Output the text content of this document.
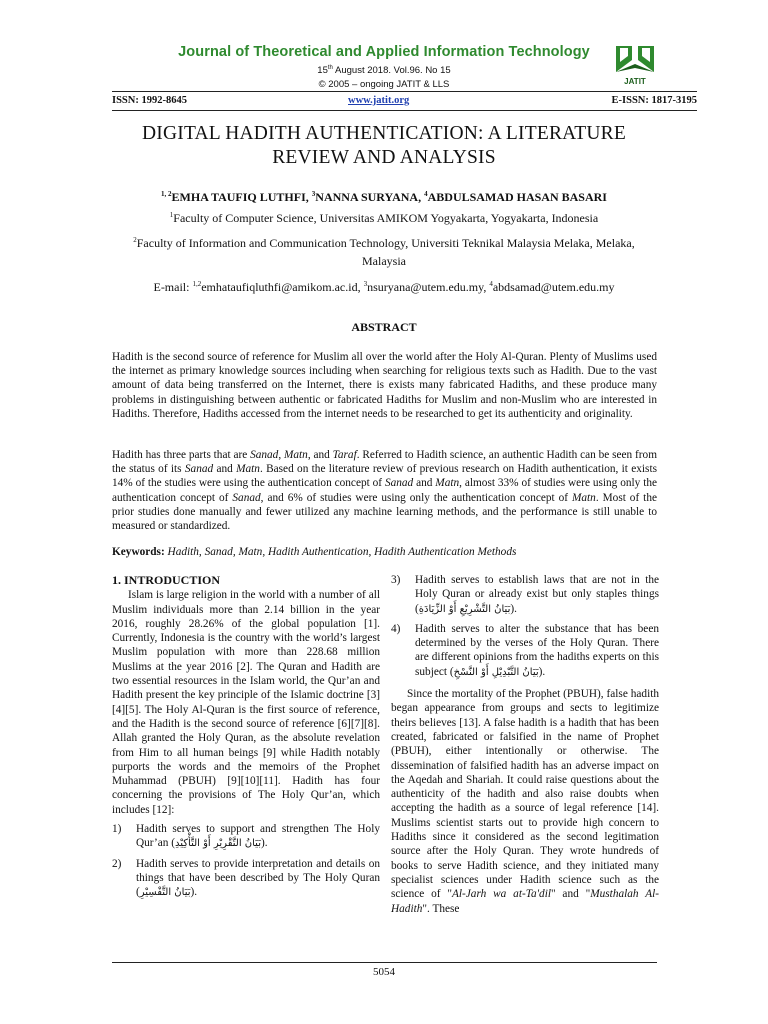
Journal of Theoretical and Applied Information Technology
15th August 2018. Vol.96. No 15
© 2005 – ongoing JATIT & LLS	JATIT
ISSN: 1992-8645	www.jatit.org	E-ISSN: 1817-3195
DIGITAL HADITH AUTHENTICATION: A LITERATURE
REVIEW AND ANALYSIS
$^{1, 2}$EMHA TAUFIQ LUTHFI, $^3$NANNA SURYANA, $^4$ABDULSAMAD HASAN BASARI
$^1$Faculty of Computer Science, Universitas AMIKOM Yogyakarta, Yogyakarta, Indonesia
$^2$Faculty of Information and Communication Technology, Universiti Teknikal Malaysia Melaka, Melaka,
Malaysia
E-mail: $^{1,2}$emhataufiqluthfi@amikom.ac.id, $^3$nsuryana@utem.edu.my, $^4$abdsamad@utem.edu.my
ABSTRACT
Hadith is the second source of reference for Muslim all over the world after the Holy Al-Quran. Plenty of Muslims used the internet as primary knowledge sources including when searching for religious texts such as Hadith. Due to the vast amount of data being transferred on the Internet, there is exists many fabricated Hadiths, and these produce many problems in distinguishing between authentic or fabricated Hadiths for Muslim and non-Muslim who are interested in Hadiths. Therefore, Hadiths accessed from the internet needs to be researched to get its authenticity and originality.
Hadith has three parts that are Sanad, Matn, and Taraf. Referred to Hadith science, an authentic Hadith can be seen from the status of its Sanad and Matn. Based on the literature review of previous research on Hadith authentication, it exists 14% of the studies were using the authentication concept of Sanad and Matn, almost 33% of studies were using only the authentication concept of Sanad, and 6% of studies were using only the authentication concept of Matn. Most of the prior studies done manually and fewer utilized any machine learning methods, and the performance is still unable to measured or standardized.
Keywords: Hadith, Sanad, Matn, Hadith Authentication, Hadith Authentication Methods
1. INTRODUCTION

Islam is large religion in the world with a number of all Muslim individuals more than 2.14 billion in the year 2016, roughly 28.26% of the global population [1]. Currently, Indonesia is the country with the world’s largest Muslim population with more than 228.68 million Muslims at the year 2016 [2]. The Quran and Hadith are two essential resources in the Islam world, the Qur’an and Hadith present the key principle of the Islamic doctrine [3][4][5]. The Holy Al-Quran is the first source of reference, and the Hadith is the second source of reference [6][7][8]. Allah granted the Holy Quran, as the absolute revelation from Him to all human beings [9] while Hadith notably purports the words and the memoirs of the Prophet Muhammad (PBUH) [9][10][11]. Hadith has four concerning the provisions of The Holy Qur’an, which includes [12]:

1)	Hadith serves to support and strengthen The Holy Qur’an (بَيَانُ التَّقْرِيْرِ أَوْ التَّأْكِيْدِ).
2)	Hadith serves to provide interpretation and details on things that have been described by The Holy Quran (بَيَانُ التَّفْسِيْرِ).
3)	Hadith serves to establish laws that are not in the Holy Quran or already exist but only staples things (بَيَانُ التَّشْرِيْعِ أَوْ الزِّيَادَةِ).
4)	Hadith serves to alter the substance that has been determined by the verses of the Holy Quran. There are different opinions from the hadiths experts on this subject (بَيَانُ التَّبْدِيْلِ أَوْ النَّسْخِ).

Since the mortality of the Prophet (PBUH), false hadith began appearance from groups and sects to legitimize theirs believes [13]. A false hadith is a hadith that has been created, fabricated or falsified in the name of Prophet (PBUH), either intentionally or otherwise. The dissemination of falsified hadith has an adverse impact on the Aqedah and Shariah. It could raise questions about the authenticity of the hadith and also raise doubts when accepting the hadith as a source of legal reference [14]. Muslims scientist starts out to provide high concern to Hadiths since it considered as the second legitimation source after the Holy Quran. They wrote hundreds of books to serve Hadith science, and they initiated many specialist sciences under Hadith science such as the science of "Al-Jarh wa at-Ta'dil" and "Musthalah Al-Hadith". These

5054
